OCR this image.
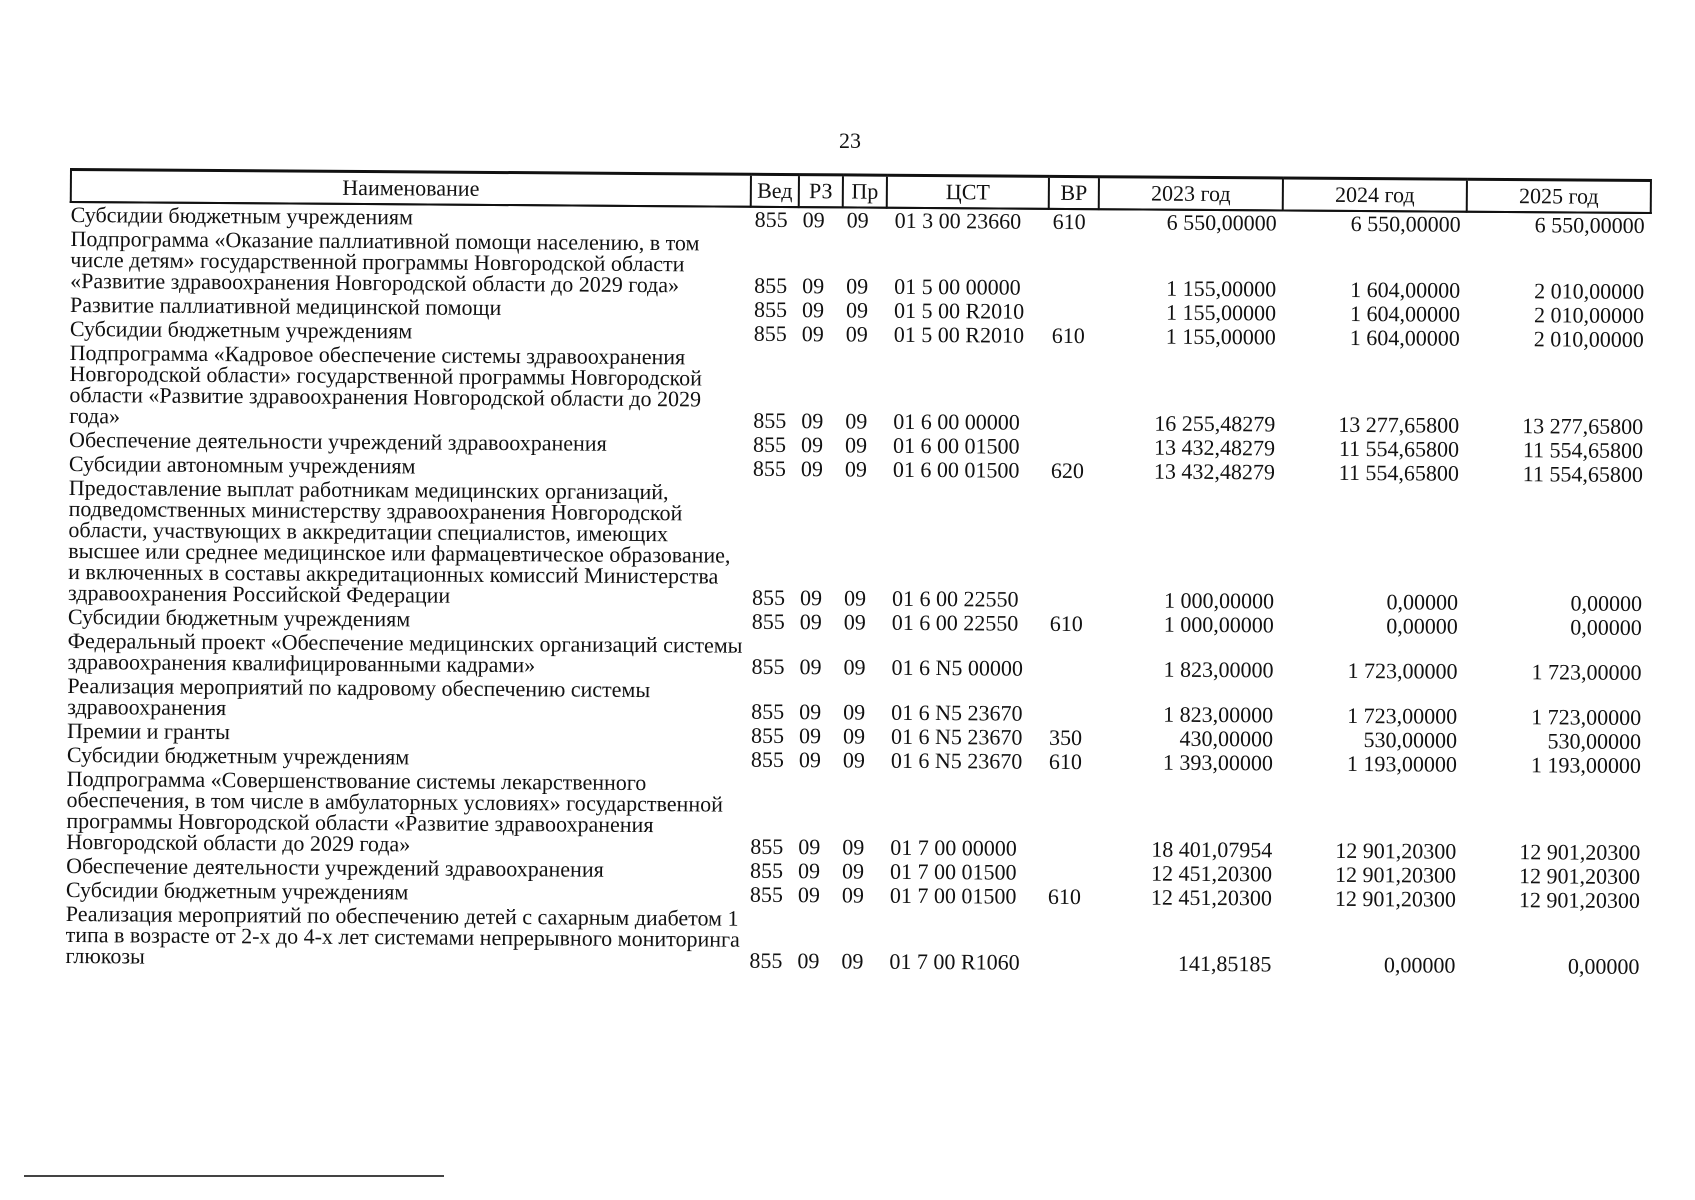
23
Наименование	Вед	РЗ	Пр	ЦСТ	ВР	2023 год	2024 год	2025 год
Субсидии бюджетным учреждениям	855	09	09	01 3 00 23660	610	6 550,00000	6 550,00000	6 550,00000
Подпрограмма «Оказание паллиативной помощи населению, в том числе детям» государственной программы Новгородской области «Развитие здравоохранения Новгородской области до 2029 года»	855	09	09	01 5 00 00000		1 155,00000	1 604,00000	2 010,00000
Развитие паллиативной медицинской помощи	855	09	09	01 5 00 R2010		1 155,00000	1 604,00000	2 010,00000
Субсидии бюджетным учреждениям	855	09	09	01 5 00 R2010	610	1 155,00000	1 604,00000	2 010,00000
Подпрограмма «Кадровое обеспечение системы здравоохранения Новгородской области» государственной программы Новгородской области «Развитие здравоохранения Новгородской области до 2029 года»	855	09	09	01 6 00 00000		16 255,48279	13 277,65800	13 277,65800
Обеспечение деятельности учреждений здравоохранения	855	09	09	01 6 00 01500		13 432,48279	11 554,65800	11 554,65800
Субсидии автономным учреждениям	855	09	09	01 6 00 01500	620	13 432,48279	11 554,65800	11 554,65800
Предоставление выплат работникам медицинских организаций, подведомственных министерству здравоохранения Новгородской области, участвующих в аккредитации специалистов, имеющих высшее или среднее медицинское или фармацевтическое образование, и включенных в составы аккредитационных комиссий Министерства здравоохранения Российской Федерации	855	09	09	01 6 00 22550		1 000,00000	0,00000	0,00000
Субсидии бюджетным учреждениям	855	09	09	01 6 00 22550	610	1 000,00000	0,00000	0,00000
Федеральный проект «Обеспечение медицинских организаций системы здравоохранения квалифицированными кадрами»	855	09	09	01 6 N5 00000		1 823,00000	1 723,00000	1 723,00000
Реализация мероприятий по кадровому обеспечению системы здравоохранения	855	09	09	01 6 N5 23670		1 823,00000	1 723,00000	1 723,00000
Премии и гранты	855	09	09	01 6 N5 23670	350	430,00000	530,00000	530,00000
Субсидии бюджетным учреждениям	855	09	09	01 6 N5 23670	610	1 393,00000	1 193,00000	1 193,00000
Подпрограмма «Совершенствование системы лекарственного обеспечения, в том числе в амбулаторных условиях» государственной программы Новгородской области «Развитие здравоохранения Новгородской области до 2029 года»	855	09	09	01 7 00 00000		18 401,07954	12 901,20300	12 901,20300
Обеспечение деятельности учреждений здравоохранения	855	09	09	01 7 00 01500		12 451,20300	12 901,20300	12 901,20300
Субсидии бюджетным учреждениям	855	09	09	01 7 00 01500	610	12 451,20300	12 901,20300	12 901,20300
Реализация мероприятий по обеспечению детей с сахарным диабетом 1 типа в возрасте от 2-х до 4-х лет системами непрерывного мониторинга глюкозы	855	09	09	01 7 00 R1060		141,85185	0,00000	0,00000
